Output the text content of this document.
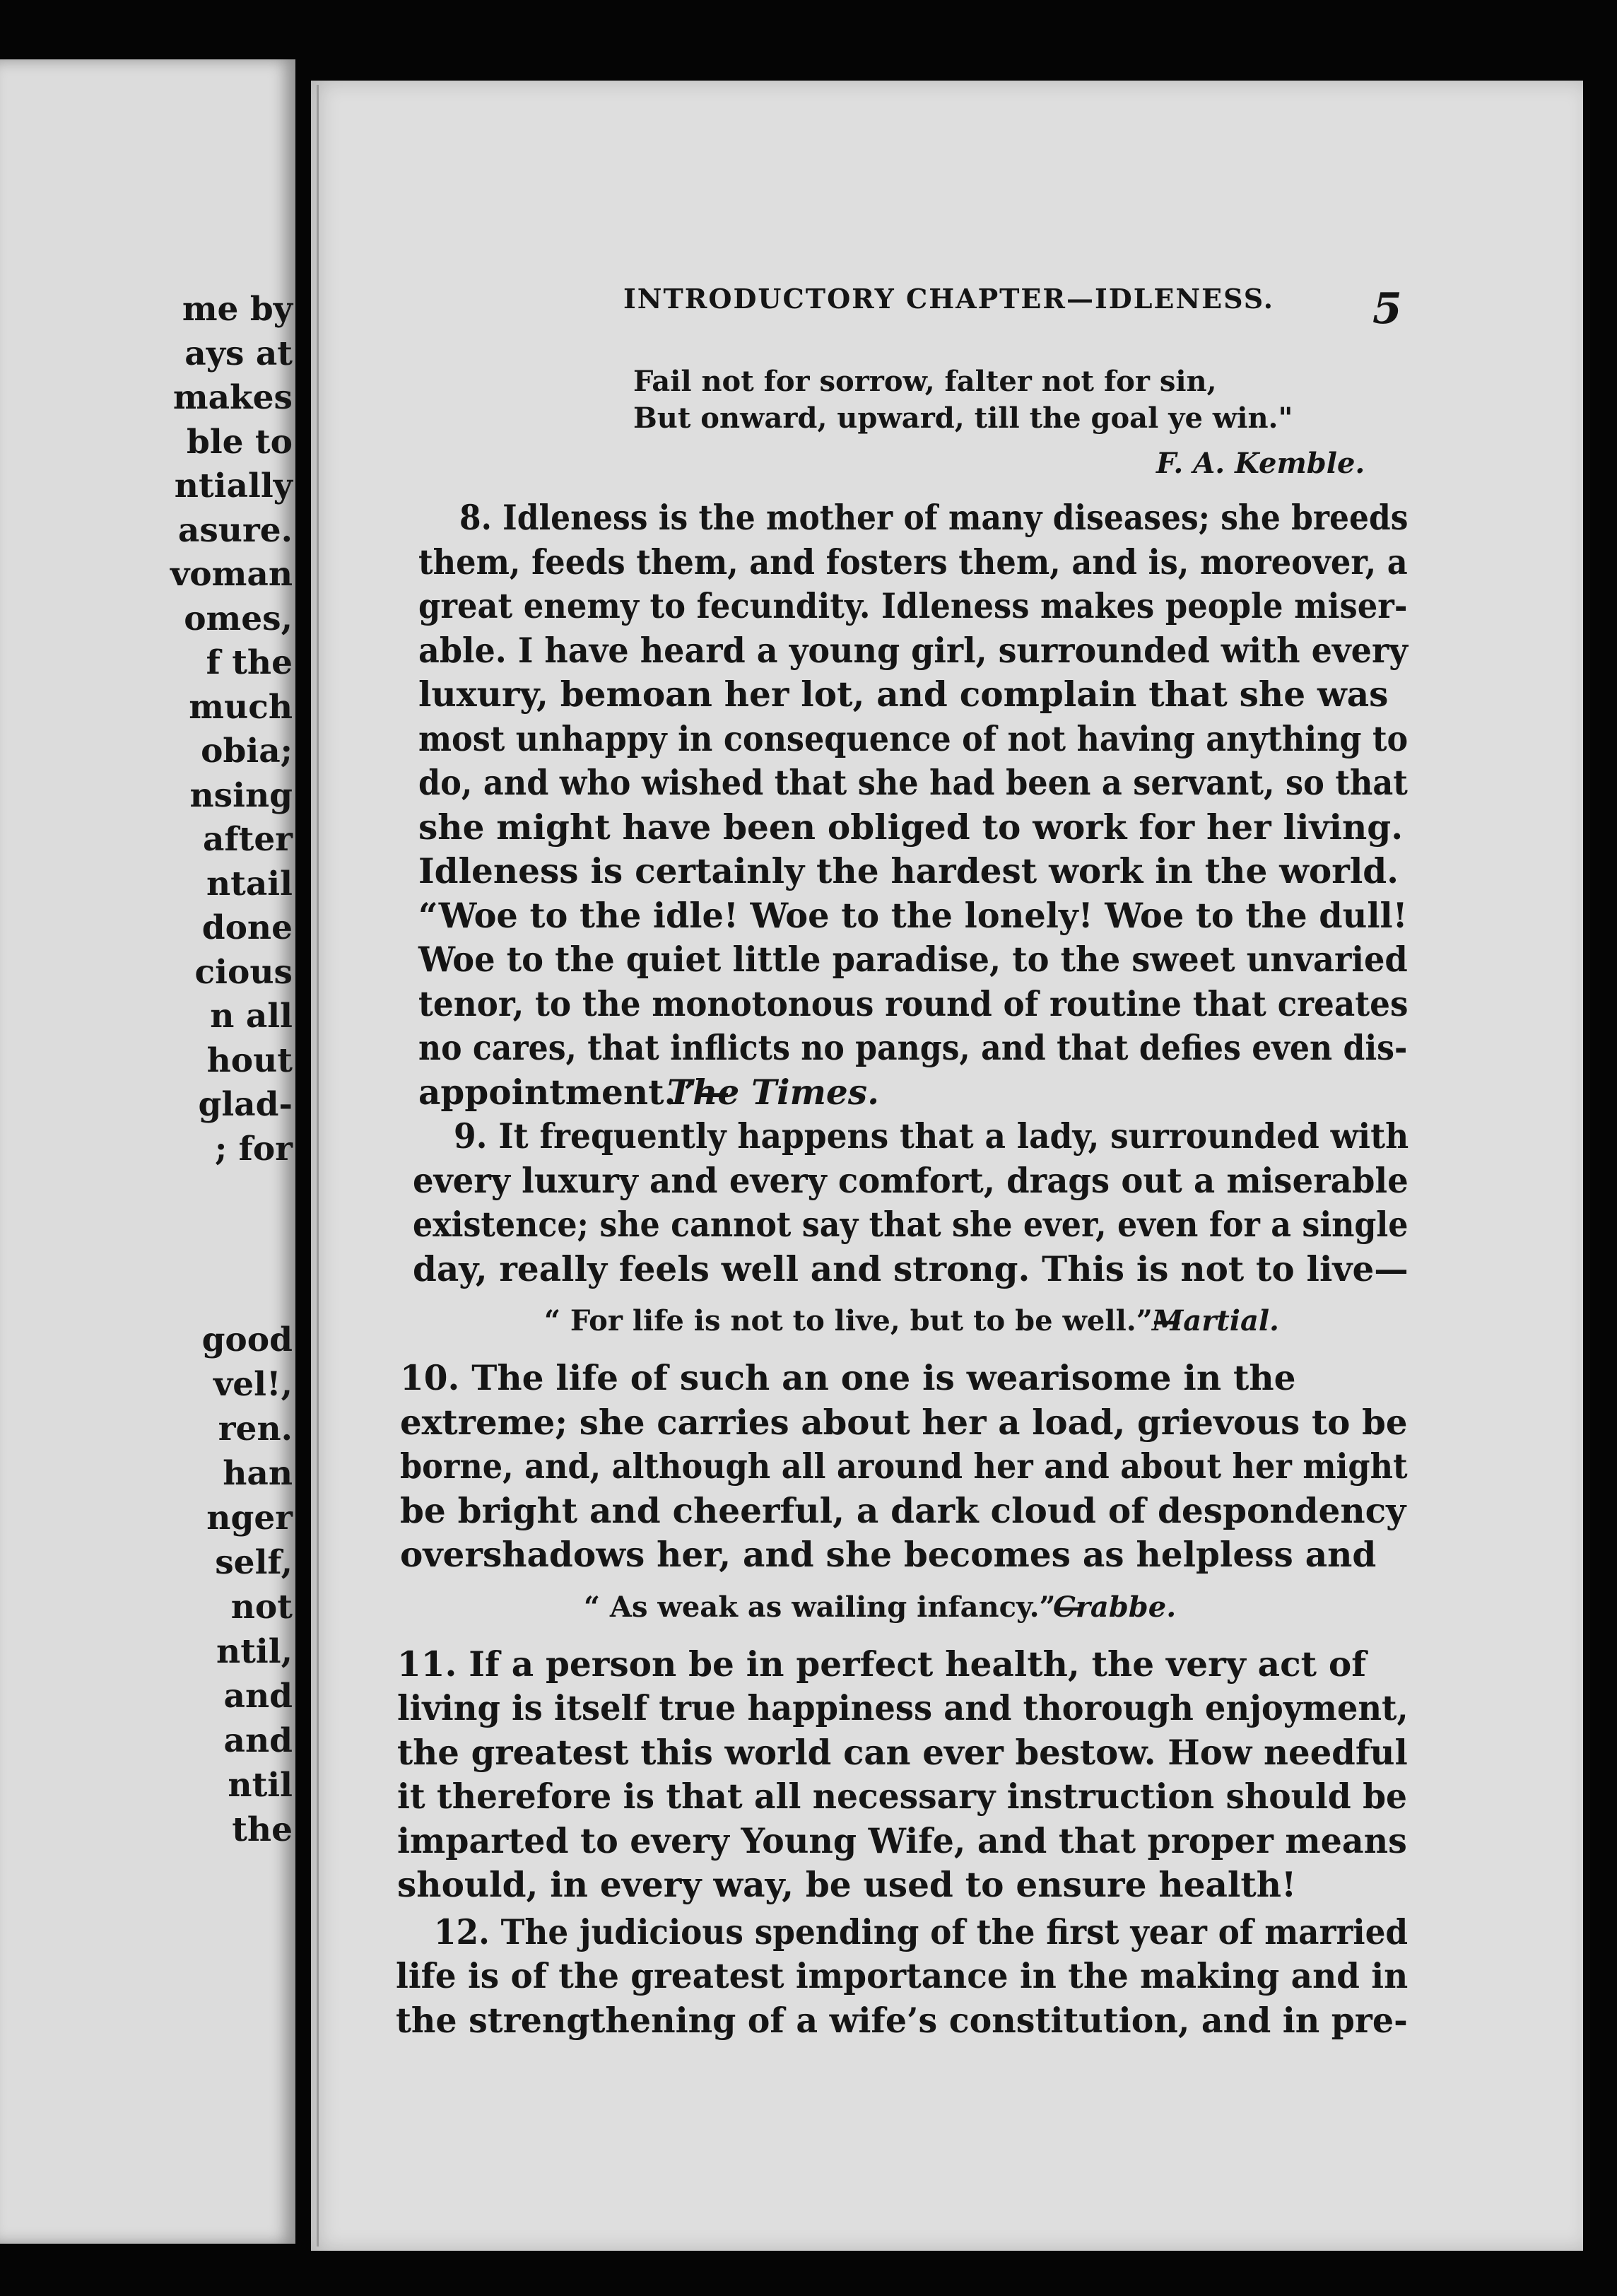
me by
ays at
makes
ble to
ntially
asure.
voman
omes,
f the
much
obia;
nsing
after
ntail
done
cious
n all
hout
glad-
; for
good
vel!,
ren.
han
nger
self,
not
ntil,
and
and
ntil
the
INTRODUCTORY CHAPTER—IDLENESS. 5
Fail not for sorrow, falter not for sin,
But onward, upward, till the goal ye win."
F. A. Kemble.
8. Idleness is the mother of many diseases; she breeds
them, feeds them, and fosters them, and is, moreover, a
great enemy to fecundity. Idleness makes people miser-
able. I have heard a young girl, surrounded with every
luxury, bemoan her lot, and complain that she was
most unhappy in consequence of not having anything to
do, and who wished that she had been a servant, so that
she might have been obliged to work for her living.
Idleness is certainly the hardest work in the world.
“Woe to the idle! Woe to the lonely! Woe to the dull!
Woe to the quiet little paradise, to the sweet unvaried
tenor, to the monotonous round of routine that creates
no cares, that inflicts no pangs, and that defies even dis-
appointment.”—
The Times.
9. It frequently happens that a lady, surrounded with
every luxury and every comfort, drags out a miserable
existence; she cannot say that she ever, even for a single
day, really feels well and strong. This is not to live—
“ For life is not to live, but to be well.”—
Martial.
10. The life of such an one is wearisome in the
extreme; she carries about her a load, grievous to be
borne, and, although all around her and about her might
be bright and cheerful, a dark cloud of despondency
overshadows her, and she becomes as helpless and
“ As weak as wailing infancy.”—
Crabbe.
11. If a person be in perfect health, the very act of
living is itself true happiness and thorough enjoyment,
the greatest this world can ever bestow. How needful
it therefore is that all necessary instruction should be
imparted to every Young Wife, and that proper means
should, in every way, be used to ensure health!
12. The judicious spending of the first year of married
life is of the greatest importance in the making and in
the strengthening of a wife’s constitution, and in pre-
